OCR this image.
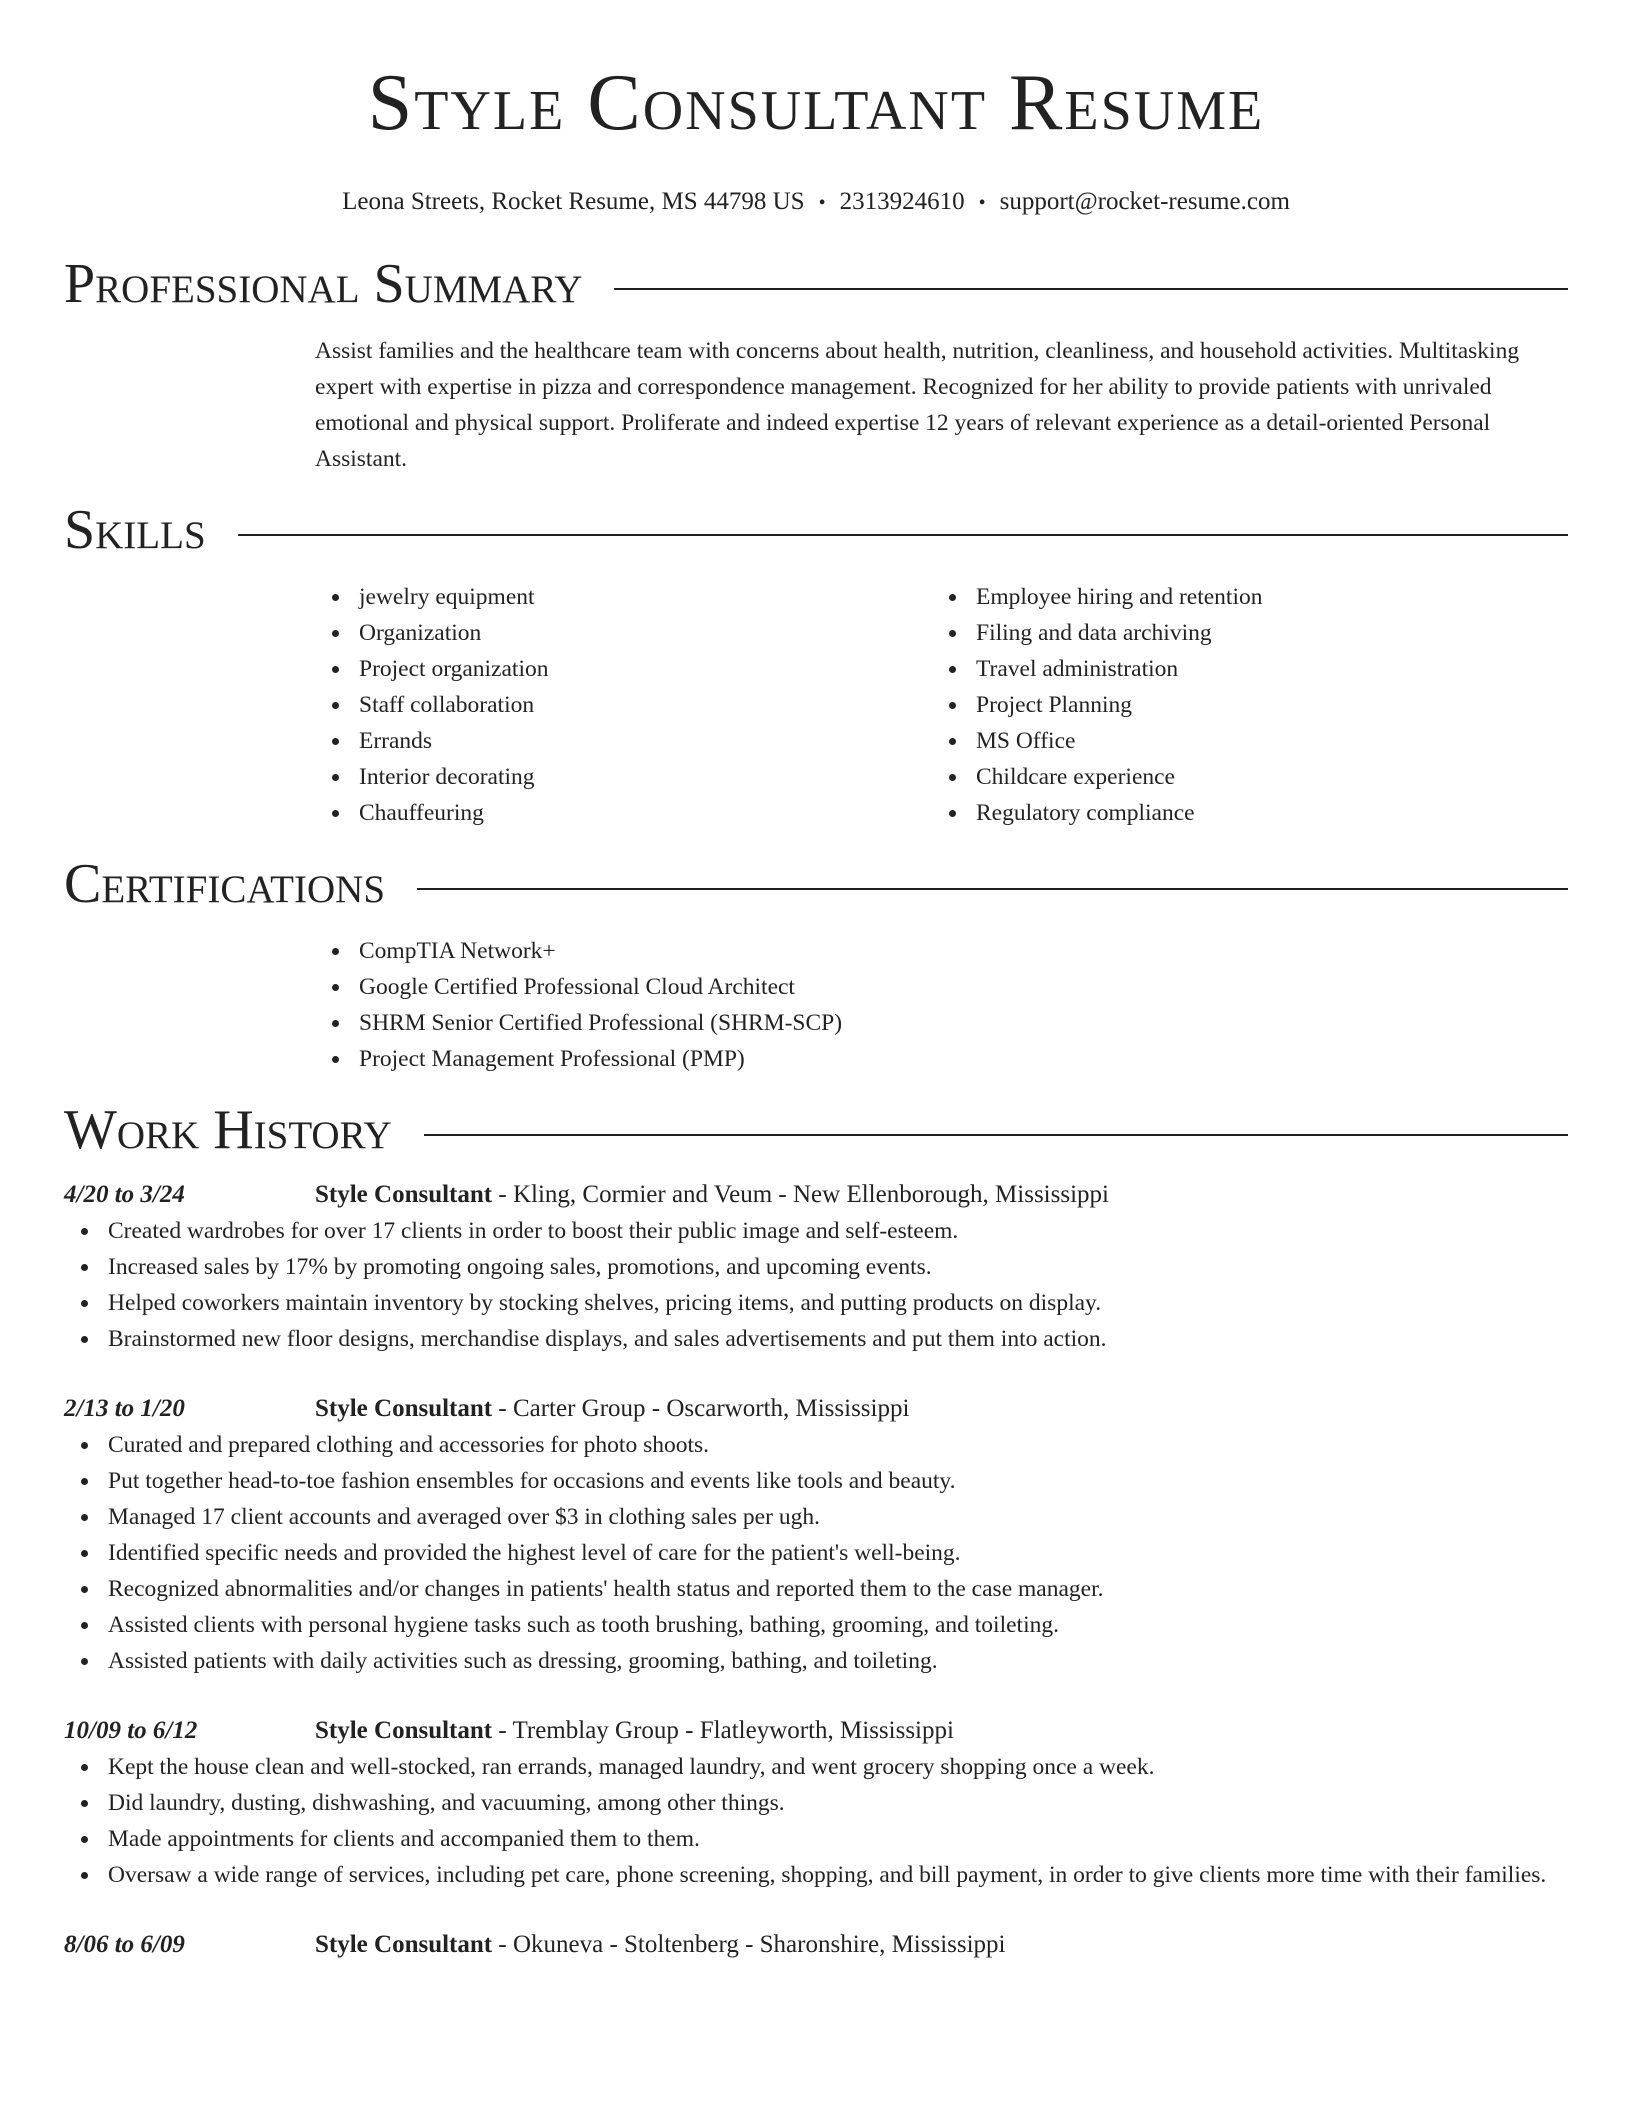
Style Consultant Resume
Leona Streets, Rocket Resume, MS 44798 US • 2313924610 • support@rocket-resume.com
Professional Summary
Assist families and the healthcare team with concerns about health, nutrition, cleanliness, and household activities. Multitasking expert with expertise in pizza and correspondence management. Recognized for her ability to provide patients with unrivaled emotional and physical support. Proliferate and indeed expertise 12 years of relevant experience as a detail-oriented Personal Assistant.
Skills
jewelry equipment
Organization
Project organization
Staff collaboration
Errands
Interior decorating
Chauffeuring
Employee hiring and retention
Filing and data archiving
Travel administration
Project Planning
MS Office
Childcare experience
Regulatory compliance
Certifications
CompTIA Network+
Google Certified Professional Cloud Architect
SHRM Senior Certified Professional (SHRM-SCP)
Project Management Professional (PMP)
Work History
4/20 to 3/24	Style Consultant - Kling, Cormier and Veum - New Ellenborough, Mississippi
Created wardrobes for over 17 clients in order to boost their public image and self-esteem.
Increased sales by 17% by promoting ongoing sales, promotions, and upcoming events.
Helped coworkers maintain inventory by stocking shelves, pricing items, and putting products on display.
Brainstormed new floor designs, merchandise displays, and sales advertisements and put them into action.
2/13 to 1/20	Style Consultant - Carter Group - Oscarworth, Mississippi
Curated and prepared clothing and accessories for photo shoots.
Put together head-to-toe fashion ensembles for occasions and events like tools and beauty.
Managed 17 client accounts and averaged over $3 in clothing sales per ugh.
Identified specific needs and provided the highest level of care for the patient's well-being.
Recognized abnormalities and/or changes in patients' health status and reported them to the case manager.
Assisted clients with personal hygiene tasks such as tooth brushing, bathing, grooming, and toileting.
Assisted patients with daily activities such as dressing, grooming, bathing, and toileting.
10/09 to 6/12	Style Consultant - Tremblay Group - Flatleyworth, Mississippi
Kept the house clean and well-stocked, ran errands, managed laundry, and went grocery shopping once a week.
Did laundry, dusting, dishwashing, and vacuuming, among other things.
Made appointments for clients and accompanied them to them.
Oversaw a wide range of services, including pet care, phone screening, shopping, and bill payment, in order to give clients more time with their families.
8/06 to 6/09	Style Consultant - Okuneva - Stoltenberg - Sharonshire, Mississippi
